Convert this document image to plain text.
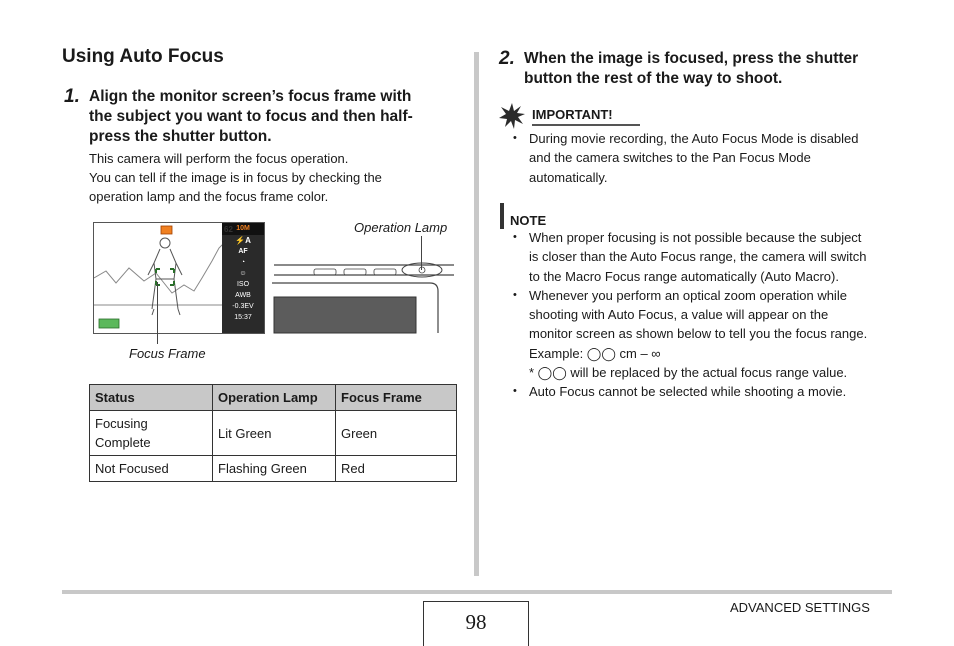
Using Auto Focus
1. Align the monitor screen’s focus frame with
the subject you want to focus and then half-
press the shutter button.
This camera will perform the focus operation.
You can tell if the image is in focus by checking the
operation lamp and the focus frame color.
10M
⚡A
AF
◔
☺
ISO
AWB
-0.3EV
15:37
62	Operation Lamp
Focus Frame
Status	Operation Lamp	Focus Frame
Focusing Complete	Lit Green	Green
Not Focused	Flashing Green	Red
2. When the image is focused, press the shutter
button the rest of the way to shoot.
IMPORTANT!
• During movie recording, the Auto Focus Mode is disabled
and the camera switches to the Pan Focus Mode
automatically.
NOTE
• When proper focusing is not possible because the subject
is closer than the Auto Focus range, the camera will switch
to the Macro Focus range automatically (Auto Macro).
• Whenever you perform an optical zoom operation while
shooting with Auto Focus, a value will appear on the
monitor screen as shown below to tell you the focus range.
Example: ◯◯ cm – ∞
* ◯◯ will be replaced by the actual focus range value.
• Auto Focus cannot be selected while shooting a movie.
98
ADVANCED SETTINGS
